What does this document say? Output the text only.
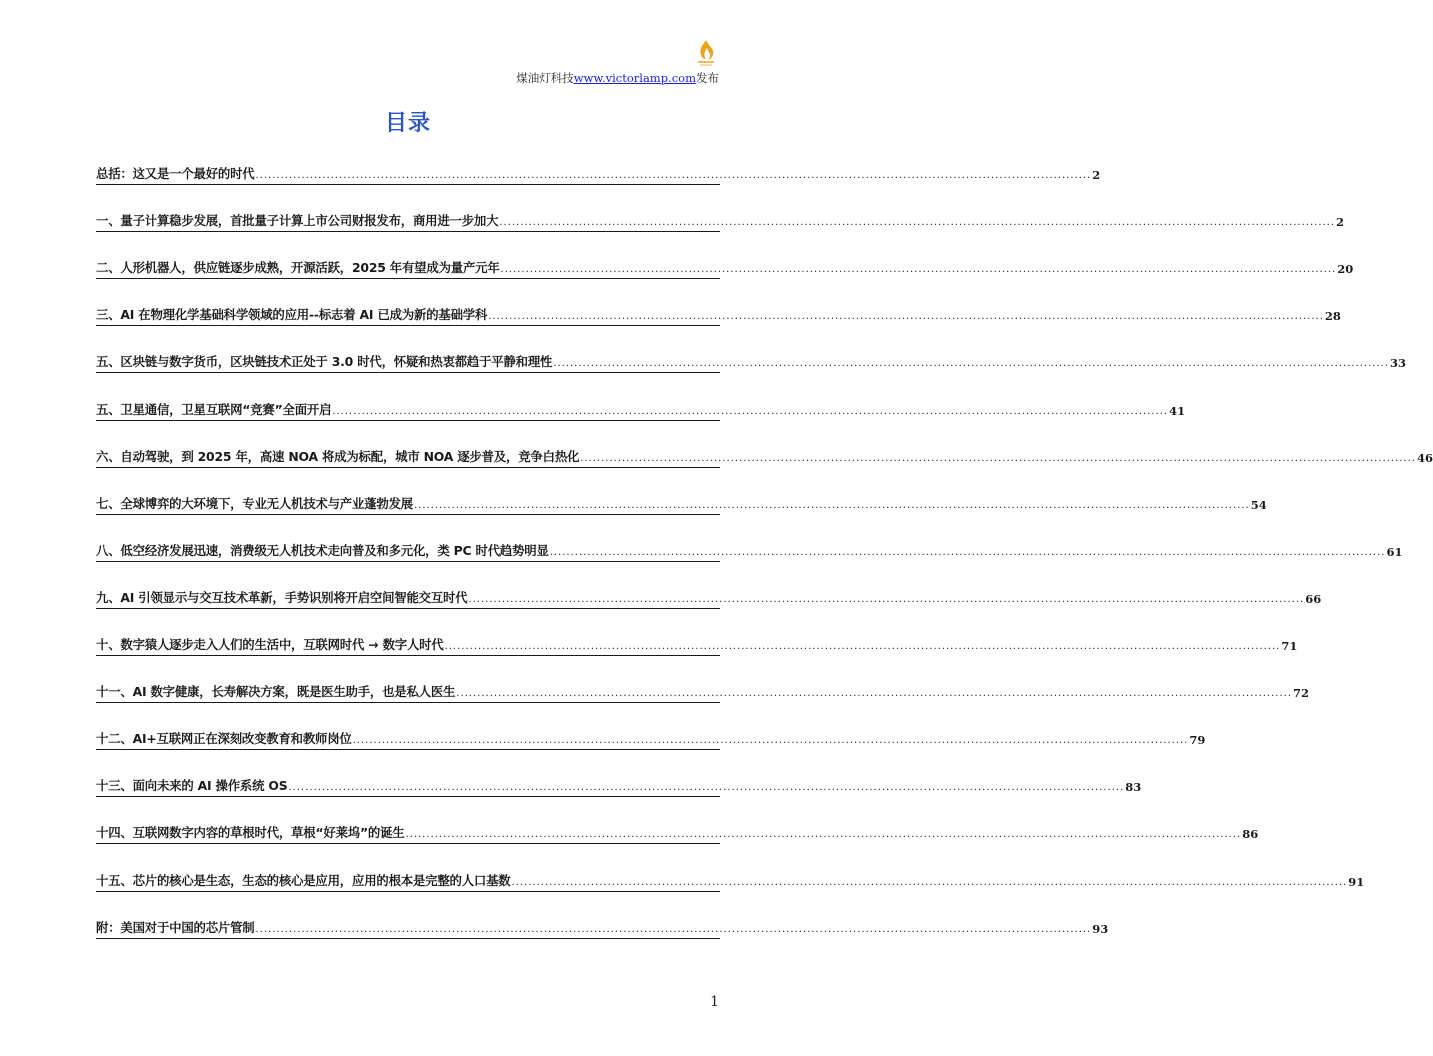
煤油灯科技www.victorlamp.com发布
目录
总括：这又是一个最好的时代 ........................................................................................................................................................................................................ 2
一、量子计算稳步发展，首批量子计算上市公司财报发布，商用进一步加大 ........................................................................................................................................................................................................ 2
二、人形机器人，供应链逐步成熟，开源活跃，2025 年有望成为量产元年 ........................................................................................................................................................................................................ 20
三、AI 在物理化学基础科学领域的应用--标志着 AI 已成为新的基础学科 ........................................................................................................................................................................................................ 28
五、区块链与数字货币，区块链技术正处于 3.0 时代，怀疑和热衷都趋于平静和理性 ........................................................................................................................................................................................................ 33
五、卫星通信，卫星互联网“竞赛”全面开启 ........................................................................................................................................................................................................ 41
六、自动驾驶，到 2025 年，高速 NOA 将成为标配，城市 NOA 逐步普及，竞争白热化 ........................................................................................................................................................................................................ 46
七、全球博弈的大环境下，专业无人机技术与产业蓬勃发展 ........................................................................................................................................................................................................ 54
八、低空经济发展迅速，消费级无人机技术走向普及和多元化，类 PC 时代趋势明显 ........................................................................................................................................................................................................ 61
九、AI 引领显示与交互技术革新，手势识别将开启空间智能交互时代 ........................................................................................................................................................................................................ 66
十、数字猿人逐步走入人们的生活中，互联网时代 → 数字人时代 ........................................................................................................................................................................................................ 71
十一、AI 数字健康，长寿解决方案，既是医生助手，也是私人医生 ........................................................................................................................................................................................................ 72
十二、AI+互联网正在深刻改变教育和教师岗位 ........................................................................................................................................................................................................ 79
十三、面向未来的 AI 操作系统 OS ........................................................................................................................................................................................................ 83
十四、互联网数字内容的草根时代，草根“好莱坞”的诞生 ........................................................................................................................................................................................................ 86
十五、芯片的核心是生态，生态的核心是应用，应用的根本是完整的人口基数 ........................................................................................................................................................................................................ 91
附：美国对于中国的芯片管制 ........................................................................................................................................................................................................ 93
1
